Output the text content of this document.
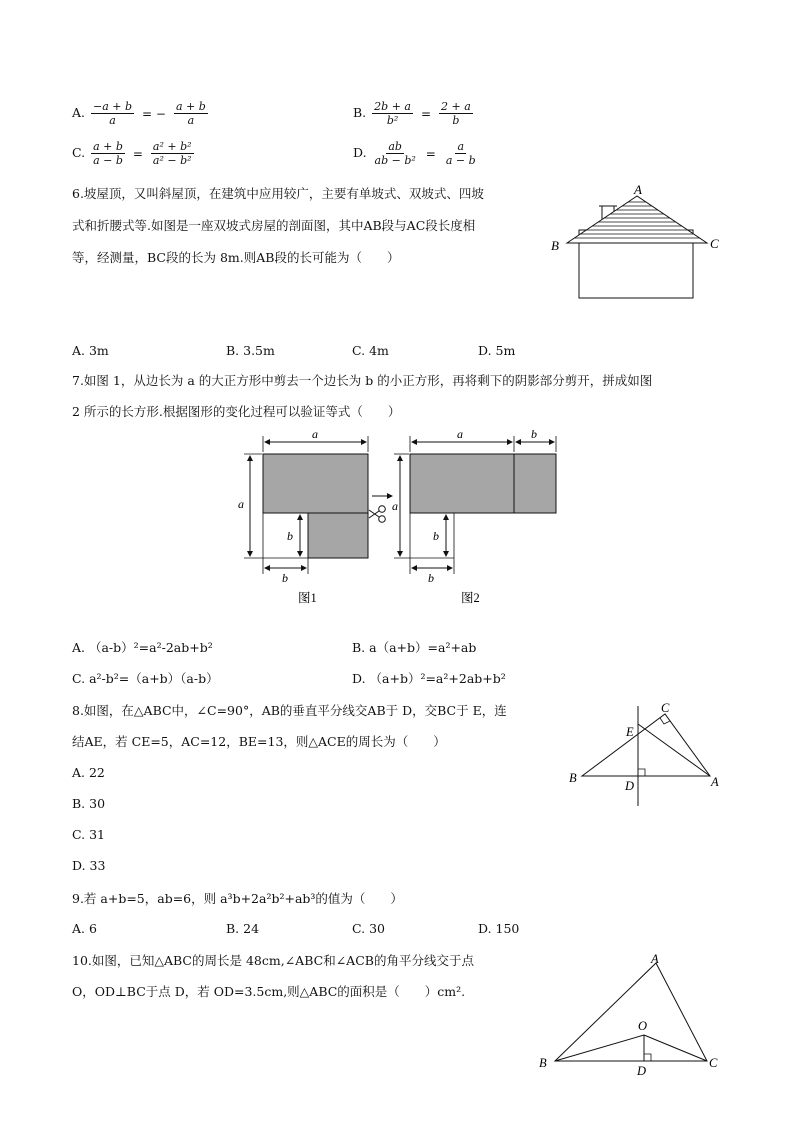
A. $\frac{-a + b}{a}$ = − $\frac{a + b}{a}$	B. $\frac{2b + a}{\text{b²}} = \frac{2 + a}{b}$
C. $\frac{a + b}{a - b} = \frac{\text{a² + b²}}{\text{a² − b²}}$	D. $\frac{ab}{\text{ab − b²}} = \frac{a}{a - b}$
6.坡屋顶，又叫斜屋顶，在建筑中应用较广，主要有单坡式、双坡式、四坡
式和折腰式等.如图是一座双坡式房屋的剖面图，其中AB段与AC段长度相
等，经测量，BC段的长为 8m.则AB段的长可能为（　　）
A
B	C
A. 3m	B. 3.5m	C. 4m	D. 5m
7.如图 1，从边长为 a 的大正方形中剪去一个边长为 b 的小正方形，再将剩下的阴影部分剪开，拼成如图
2 所示的长方形.根据图形的变化过程可以验证等式（　　）
a
a
b
b
图1
a	b
a
b
b
图2
A. （a-b）²=a²-2ab+b²	B. a（a+b）=a²+ab
C. a²-b²=（a+b）（a-b）	D. （a+b）²=a²+2ab+b²
8.如图，在△ABC中，∠C=90°，AB的垂直平分线交AB于 D，交BC于 E，连
结AE，若 CE=5，AC=12，BE=13，则△ACE的周长为（　　）
A. 22
B. 30
C. 31
D. 33
C
E
B	A
D
9.若 a+b=5，ab=6，则 a³b+2a²b²+ab³的值为（　　）
A. 6	B. 24	C. 30	D. 150
10.如图，已知△ABC的周长是 48cm,∠ABC和∠ACB的角平分线交于点
O，OD⊥BC于点 D，若 OD=3.5cm,则△ABC的面积是（　　）cm².
A
O
B	C
D
